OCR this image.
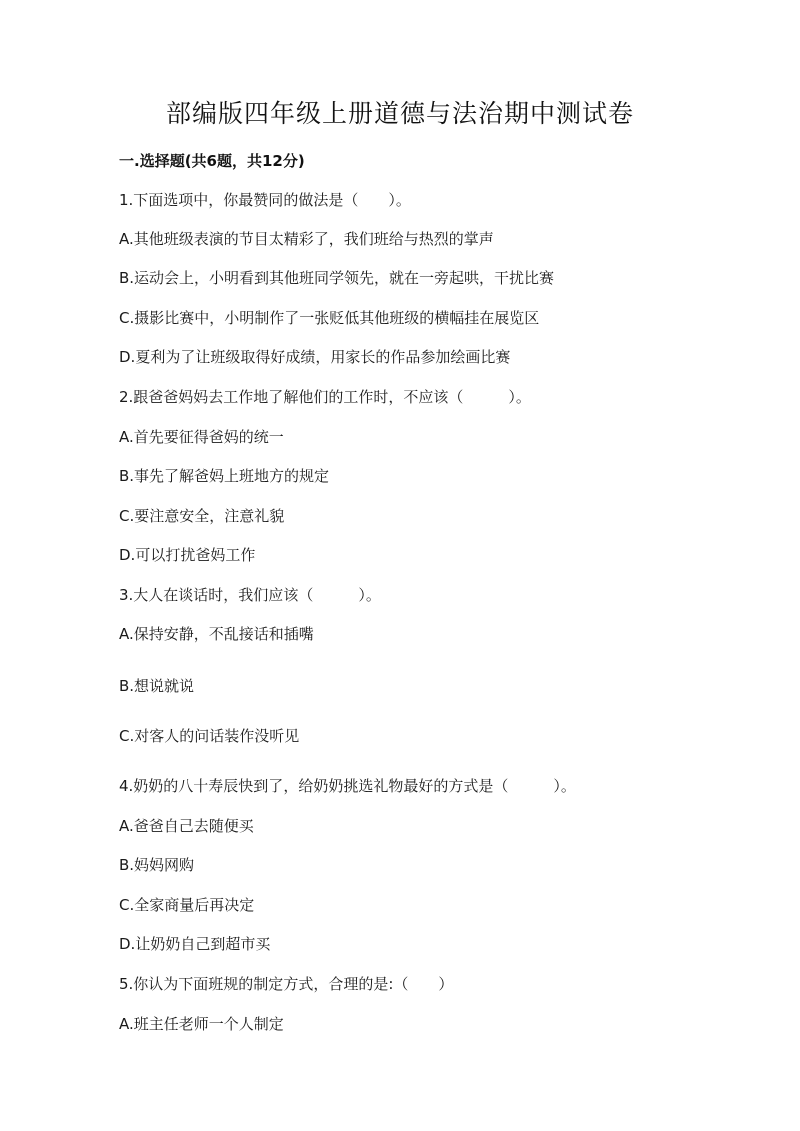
部编版四年级上册道德与法治期中测试卷
一.选择题(共6题，共12分)
1.下面选项中，你最赞同的做法是（　　）。
A.其他班级表演的节目太精彩了，我们班给与热烈的掌声
B.运动会上，小明看到其他班同学领先，就在一旁起哄，干扰比赛
C.摄影比赛中，小明制作了一张贬低其他班级的横幅挂在展览区
D.夏利为了让班级取得好成绩，用家长的作品参加绘画比赛
2.跟爸爸妈妈去工作地了解他们的工作时，不应该（　　　）。
A.首先要征得爸妈的统一
B.事先了解爸妈上班地方的规定
C.要注意安全，注意礼貌
D.可以打扰爸妈工作
3.大人在谈话时，我们应该（　　　）。
A.保持安静，不乱接话和插嘴
B.想说就说
C.对客人的问话装作没听见
4.奶奶的八十寿辰快到了，给奶奶挑选礼物最好的方式是（　　　）。
A.爸爸自己去随便买
B.妈妈网购
C.全家商量后再决定
D.让奶奶自己到超市买
5.你认为下面班规的制定方式，合理的是:（　　）
A.班主任老师一个人制定
